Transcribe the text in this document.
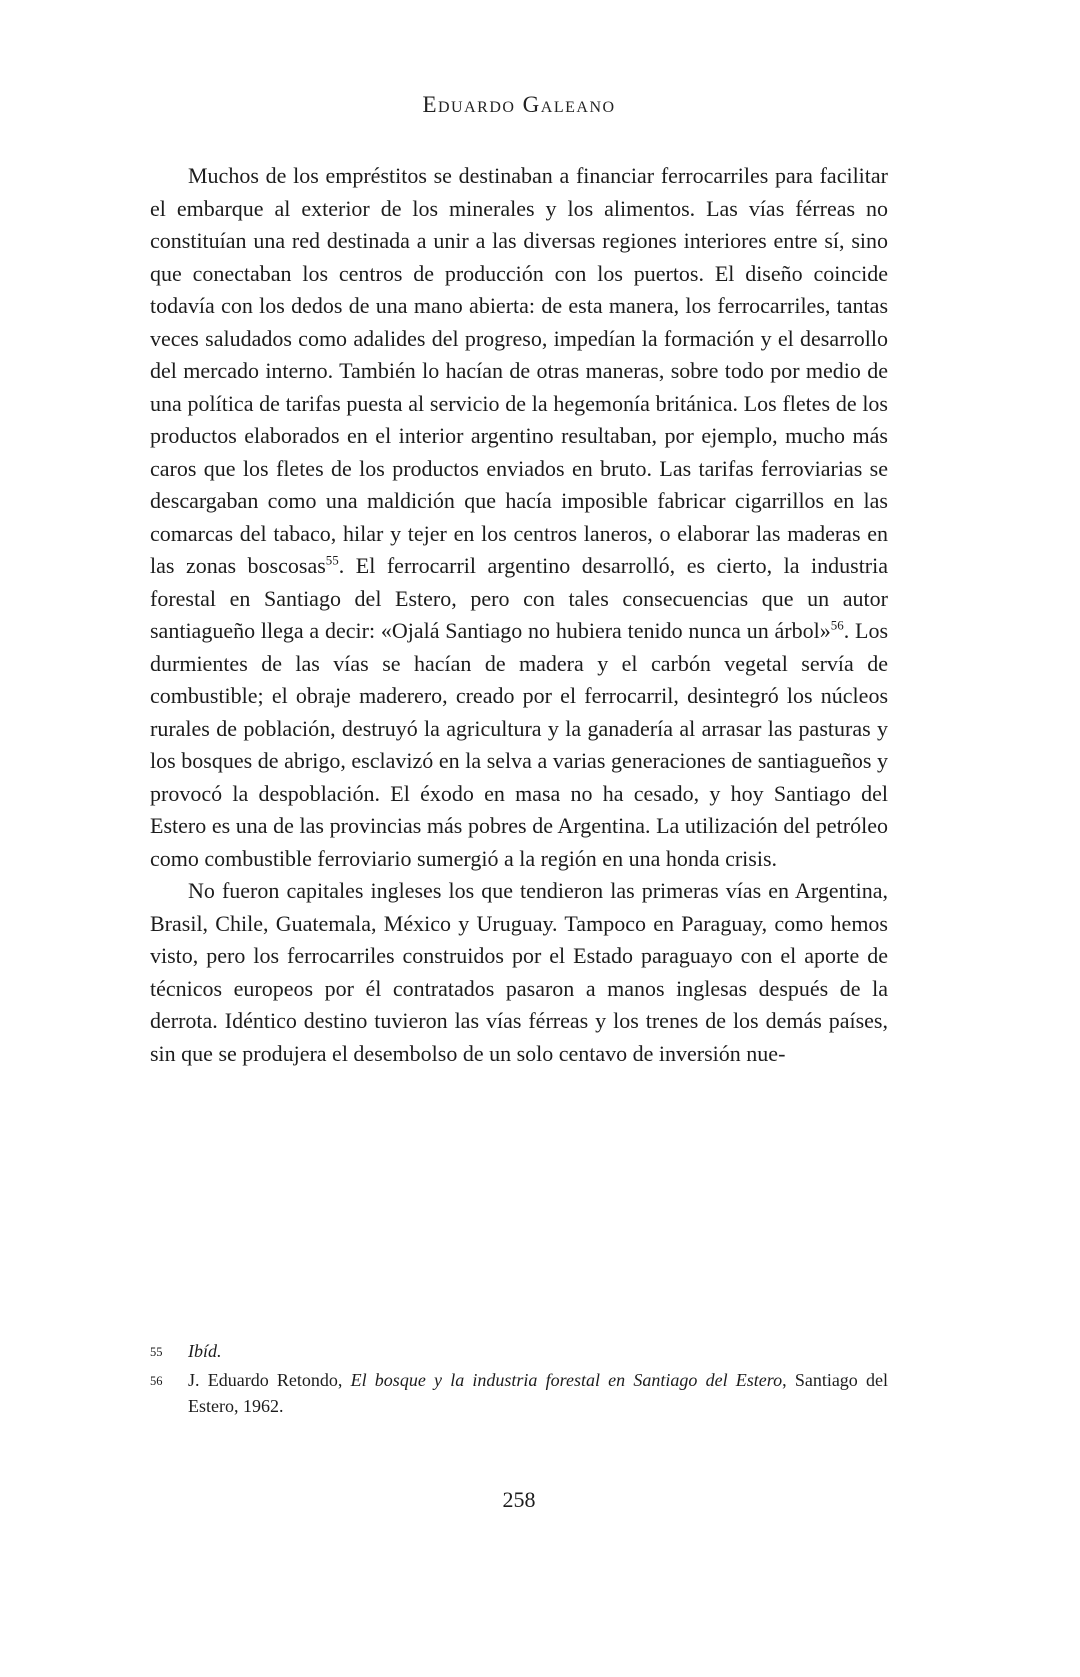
Eduardo Galeano

Muchos de los empréstitos se destinaban a financiar ferrocarriles para facilitar el embarque al exterior de los minerales y los alimentos. Las vías férreas no constituían una red destinada a unir a las diversas regiones interiores entre sí, sino que conectaban los centros de producción con los puertos. El diseño coincide todavía con los dedos de una mano abierta: de esta manera, los ferrocarriles, tantas veces saludados como adalides del progreso, impedían la formación y el desarrollo del mercado interno. También lo hacían de otras maneras, sobre todo por medio de una política de tarifas puesta al servicio de la hegemonía británica. Los fletes de los productos elaborados en el interior argentino resultaban, por ejemplo, mucho más caros que los fletes de los productos enviados en bruto. Las tarifas ferroviarias se descargaban como una maldición que hacía imposible fabricar cigarrillos en las comarcas del tabaco, hilar y tejer en los centros laneros, o elaborar las maderas en las zonas boscosas$^{55}$. El ferrocarril argentino desarrolló, es cierto, la industria forestal en Santiago del Estero, pero con tales consecuencias que un autor santiagueño llega a decir: «Ojalá Santiago no hubiera tenido nunca un árbol»$^{56}$. Los durmientes de las vías se hacían de madera y el carbón vegetal servía de combustible; el obraje maderero, creado por el ferrocarril, desintegró los núcleos rurales de población, destruyó la agricultura y la ganadería al arrasar las pasturas y los bosques de abrigo, esclavizó en la selva a varias generaciones de santiagueños y provocó la despoblación. El éxodo en masa no ha cesado, y hoy Santiago del Estero es una de las provincias más pobres de Argentina. La utilización del petróleo como combustible ferroviario sumergió a la región en una honda crisis.

No fueron capitales ingleses los que tendieron las primeras vías en Argentina, Brasil, Chile, Guatemala, México y Uruguay. Tampoco en Paraguay, como hemos visto, pero los ferrocarriles construidos por el Estado paraguayo con el aporte de técnicos europeos por él contratados pasaron a manos inglesas después de la derrota. Idéntico destino tuvieron las vías férreas y los trenes de los demás países, sin que se produjera el desembolso de un solo centavo de inversión nue-

55 Ibíd.
56 J. Eduardo Retondo, El bosque y la industria forestal en Santiago del Estero, Santiago del Estero, 1962.
258
